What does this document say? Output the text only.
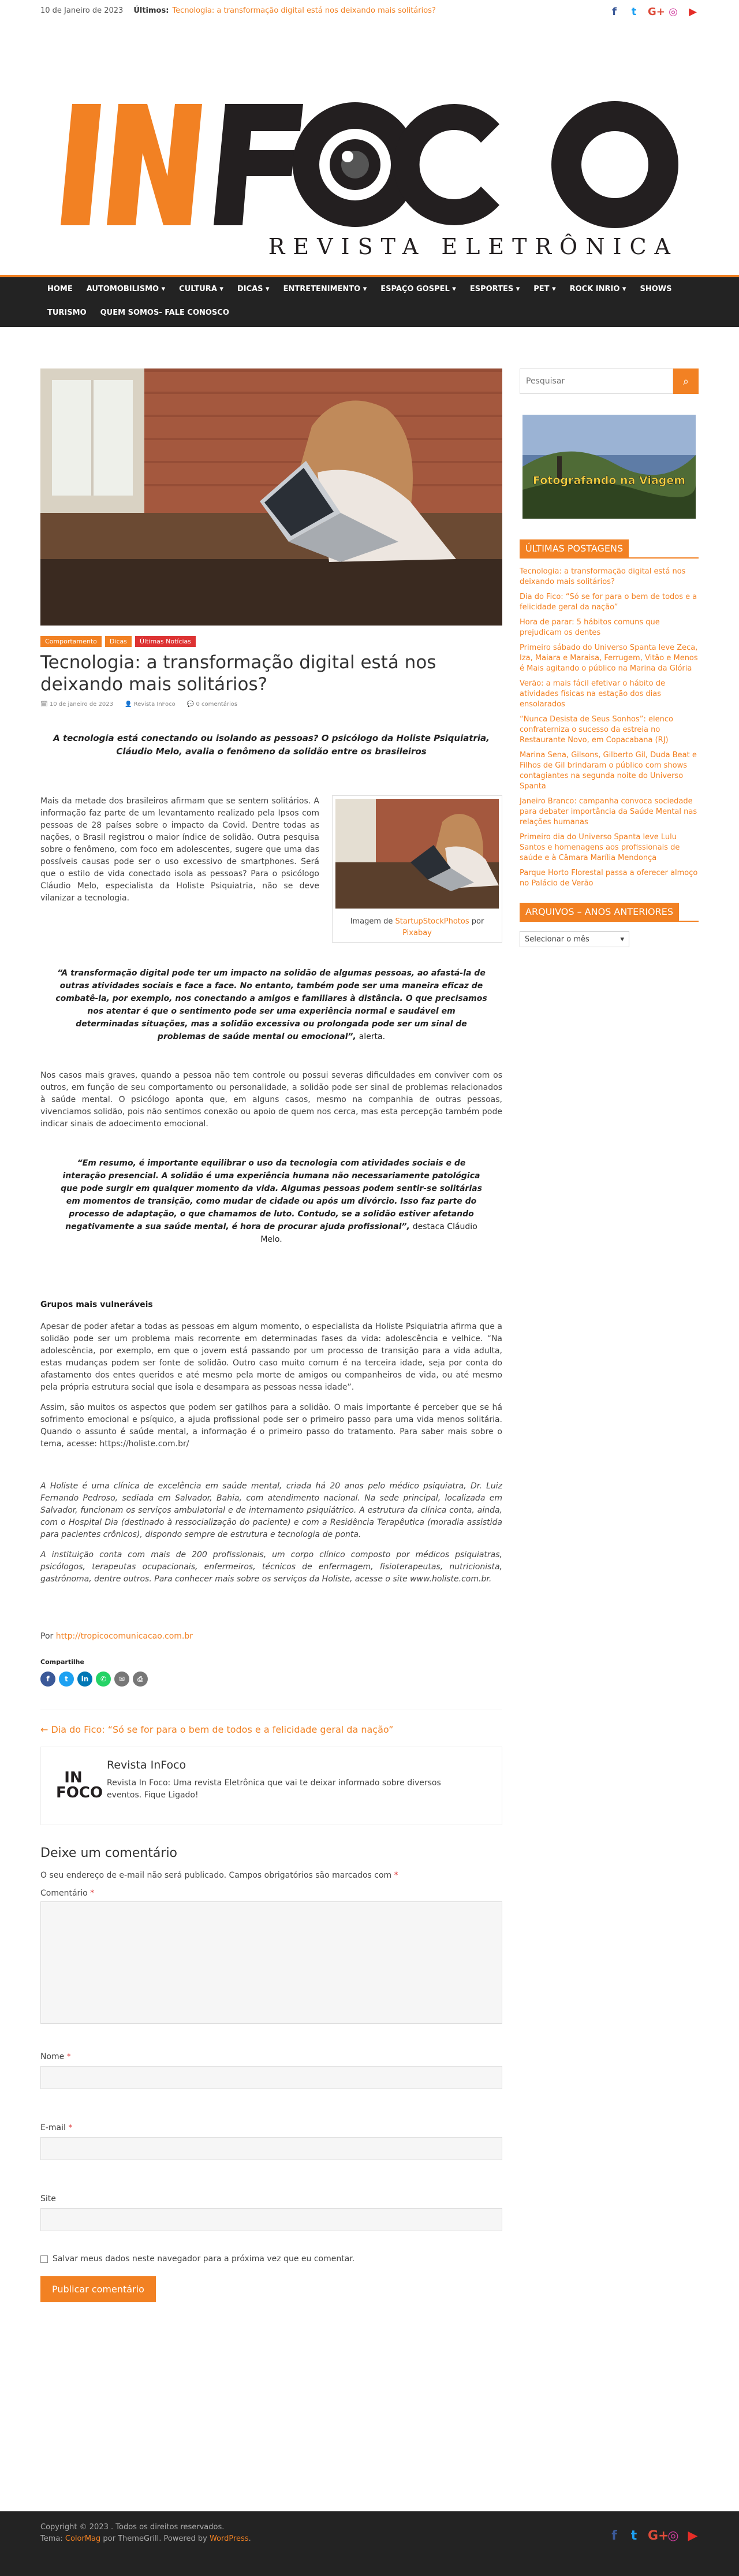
10 de Janeiro de 2023 Últimos: Tecnologia: a transformação digital está nos deixando mais solitários?	f	t	G+ ◎ ▶
REVISTA ELETRÔNICA
HOME	AUTOMOBILISMO ▾	CULTURA ▾	DICAS ▾	ENTRETENIMENTO ▾	ESPAÇO GOSPEL ▾	ESPORTES ▾	PET ▾	ROCK INRIO ▾	SHOWS
TURISMO	QUEM SOMOS- FALE CONOSCO
Comportamento	Dicas	Últimas Notícias
Tecnologia: a transformação digital está nos deixando mais solitários?
🗓 10 de janeiro de 2023 👤 Revista InFoco 💬 0 comentários
A tecnologia está conectando ou isolando as pessoas? O psicólogo da Holiste Psiquiatria, Cláudio Melo, avalia o fenômeno da solidão entre os brasileiros
Imagem de StartupStockPhotos por Pixabay

Mais da metade dos brasileiros afirmam que se sentem solitários. A informação faz parte de um levantamento realizado pela Ipsos com pessoas de 28 países sobre o impacto da Covid. Dentre todas as nações, o Brasil registrou o maior índice de solidão. Outra pesquisa sobre o fenômeno, com foco em adolescentes, sugere que uma das possíveis causas pode ser o uso excessivo de smartphones. Será que o estilo de vida conectado isola as pessoas? Para o psicólogo Cláudio Melo, especialista da Holiste Psiquiatria, não se deve vilanizar a tecnologia.

“A transformação digital pode ter um impacto na solidão de algumas pessoas, ao afastá-la de outras atividades sociais e face a face. No entanto, também pode ser uma maneira eficaz de combatê-la, por exemplo, nos conectando a amigos e familiares à distância. O que precisamos nos atentar é que o sentimento pode ser uma experiência normal e saudável em determinadas situações, mas a solidão excessiva ou prolongada pode ser um sinal de problemas de saúde mental ou emocional”, alerta.

Nos casos mais graves, quando a pessoa não tem controle ou possui severas dificuldades em conviver com os outros, em função de seu comportamento ou personalidade, a solidão pode ser sinal de problemas relacionados à saúde mental. O psicólogo aponta que, em alguns casos, mesmo na companhia de outras pessoas, vivenciamos solidão, pois não sentimos conexão ou apoio de quem nos cerca, mas esta percepção também pode indicar sinais de adoecimento emocional.

“Em resumo, é importante equilibrar o uso da tecnologia com atividades sociais e de interação presencial. A solidão é uma experiência humana não necessariamente patológica que pode surgir em qualquer momento da vida. Algumas pessoas podem sentir-se solitárias em momentos de transição, como mudar de cidade ou após um divórcio. Isso faz parte do processo de adaptação, o que chamamos de luto. Contudo, se a solidão estiver afetando negativamente a sua saúde mental, é hora de procurar ajuda profissional”, destaca Cláudio Melo.
Grupos mais vulneráveis

Apesar de poder afetar a todas as pessoas em algum momento, o especialista da Holiste Psiquiatria afirma que a solidão pode ser um problema mais recorrente em determinadas fases da vida: adolescência e velhice. “Na adolescência, por exemplo, em que o jovem está passando por um processo de transição para a vida adulta, estas mudanças podem ser fonte de solidão. Outro caso muito comum é na terceira idade, seja por conta do afastamento dos entes queridos e até mesmo pela morte de amigos ou companheiros de vida, ou até mesmo pela própria estrutura social que isola e desampara as pessoas nessa idade”.

Assim, são muitos os aspectos que podem ser gatilhos para a solidão. O mais importante é perceber que se há sofrimento emocional e psíquico, a ajuda profissional pode ser o primeiro passo para uma vida menos solitária. Quando o assunto é saúde mental, a informação é o primeiro passo do tratamento. Para saber mais sobre o tema, acesse: https://holiste.com.br/

A Holiste é uma clínica de excelência em saúde mental, criada há 20 anos pelo médico psiquiatra, Dr. Luiz Fernando Pedroso, sediada em Salvador, Bahia, com atendimento nacional. Na sede principal, localizada em Salvador, funcionam os serviços ambulatorial e de internamento psiquiátrico. A estrutura da clínica conta, ainda, com o Hospital Dia (destinado à ressocialização do paciente) e com a Residência Terapêutica (moradia assistida para pacientes crônicos), dispondo sempre de estrutura e tecnologia de ponta.

A instituição conta com mais de 200 profissionais, um corpo clínico composto por médicos psiquiatras, psicólogos, terapeutas ocupacionais, enfermeiros, técnicos de enfermagem, fisioterapeutas, nutricionista, gastrônoma, dentre outros. Para conhecer mais sobre os serviços da Holiste, acesse o site www.holiste.com.br.

Por http://tropicocomunicacao.com.br
Compartilhe
f	t	in	✆	✉	⎙
← Dia do Fico: “Só se for para o bem de todos e a felicidade geral da nação”
IN FOCO
Revista InFoco
Revista In Foco: Uma revista Eletrônica que vai te deixar informado sobre diversos eventos. Fique Ligado!
Deixe um comentário
O seu endereço de e-mail não será publicado. Campos obrigatórios são marcados com *
Comentário *
Nome *
E-mail *
Site
Salvar meus dados neste navegador para a próxima vez que eu comentar.
Publicar comentário
Pesquisar
⌕
Fotografando na Viagem
ÚLTIMAS POSTAGENS
Tecnologia: a transformação digital está nos deixando mais solitários?
Dia do Fico: “Só se for para o bem de todos e a felicidade geral da nação”
Hora de parar: 5 hábitos comuns que prejudicam os dentes
Primeiro sábado do Universo Spanta leve Zeca, Iza, Maiara e Maraisa, Ferrugem, Vitão e Menos é Mais agitando o público na Marina da Glória
Verão: a mais fácil efetivar o hábito de atividades físicas na estação dos dias ensolarados
“Nunca Desista de Seus Sonhos”: elenco confraterniza o sucesso da estreia no Restaurante Novo, em Copacabana (RJ)
Marina Sena, Gilsons, Gilberto Gil, Duda Beat e Filhos de Gil brindaram o público com shows contagiantes na segunda noite do Universo Spanta
Janeiro Branco: campanha convoca sociedade para debater importância da Saúde Mental nas relações humanas
Primeiro dia do Universo Spanta leve Lulu Santos e homenagens aos profissionais de saúde e à Câmara Marília Mendonça
Parque Horto Florestal passa a oferecer almoço no Palácio de Verão
ARQUIVOS – ANOS ANTERIORES
Selecionar o mês	▾
Copyright © 2023 . Todos os direitos reservados.
Tema: ColorMag por ThemeGrill. Powered by WordPress.	f t G+
◎ ▶
